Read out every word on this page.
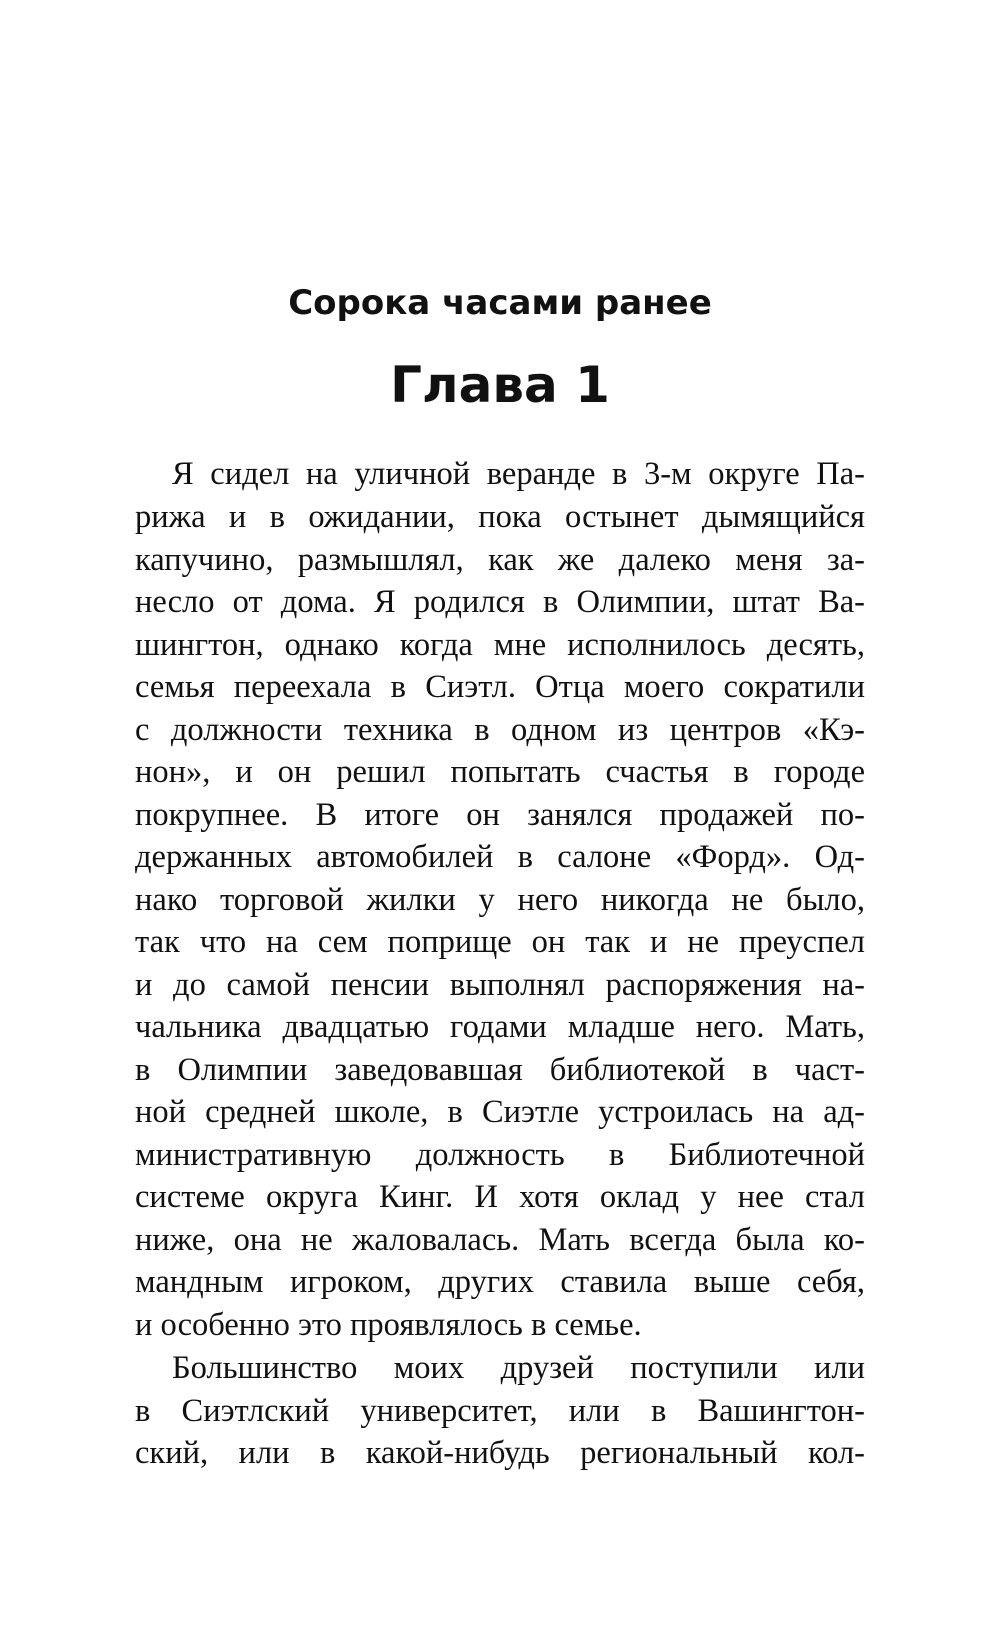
Сорока часами ранее
Глава 1
Я сидел на уличной веранде в 3-м округе Па-
рижа и в ожидании, пока остынет дымящийся
капучино, размышлял, как же далеко меня за-
несло от дома. Я родился в Олимпии, штат Ва-
шингтон, однако когда мне исполнилось десять,
семья переехала в Сиэтл. Отца моего сократили
с должности техника в одном из центров «Кэ-
нон», и он решил попытать счастья в городе
покрупнее. В итоге он занялся продажей по-
держанных автомобилей в салоне «Форд». Од-
нако торговой жилки у него никогда не было,
так что на сем поприще он так и не преуспел
и до самой пенсии выполнял распоряжения на-
чальника двадцатью годами младше него. Мать,
в Олимпии заведовавшая библиотекой в част-
ной средней школе, в Сиэтле устроилась на ад-
министративную должность в Библиотечной
системе округа Кинг. И хотя оклад у нее стал
ниже, она не жаловалась. Мать всегда была ко-
мандным игроком, других ставила выше себя,
и особенно это проявлялось в семье.
Большинство моих друзей поступили или
в Сиэтлский университет, или в Вашингтон-
ский, или в какой-нибудь региональный кол-
